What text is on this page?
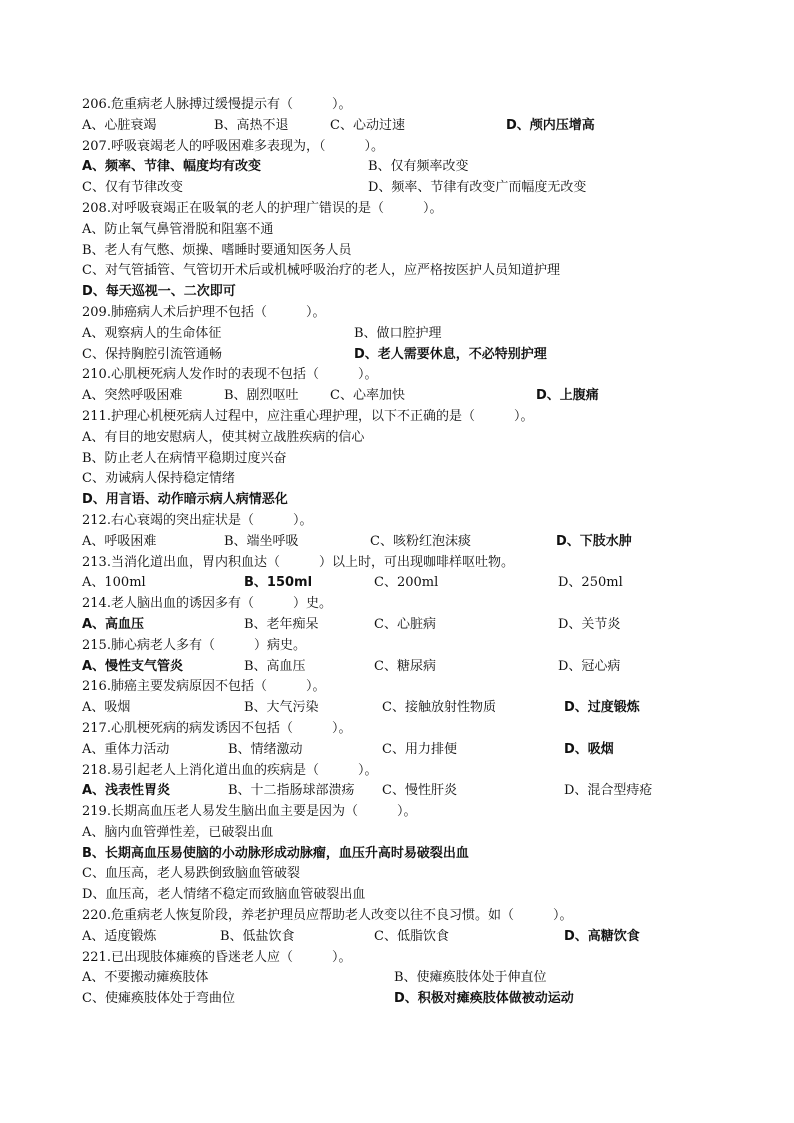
206.危重病老人脉搏过缓慢提示有（　　　）。
A、心脏衰竭	B、高热不退	C、心动过速	D、颅内压增高
207.呼吸衰竭老人的呼吸困难多表现为，（　　　）。
A、频率、节律、幅度均有改变	B、仅有频率改变
C、仅有节律改变	D、频率、节律有改变广而幅度无改变
208.对呼吸衰竭正在吸氧的老人的护理广错误的是（　　　）。
A、防止氧气鼻管滑脱和阻塞不通
B、老人有气憋、烦操、嗜睡时要通知医务人员
C、对气管插管、气管切开术后或机械呼吸治疗的老人，应严格按医护人员知道护理
D、每天巡视一、二次即可
209.肺癌病人术后护理不包括（　　　）。
A、观察病人的生命体征	B、做口腔护理
C、保持胸腔引流管通畅	D、老人需要休息，不必特别护理
210.心肌梗死病人发作时的表现不包括（　　　）。
A、突然呼吸困难	B、剧烈呕吐 C、心率加快	D、上腹痛
211.护理心机梗死病人过程中，应注重心理护理，以下不正确的是（　　　）。
A、有目的地安慰病人，使其树立战胜疾病的信心
B、防止老人在病情平稳期过度兴奋
C、劝诫病人保持稳定情绪
D、用言语、动作暗示病人病情恶化
212.右心衰竭的突出症状是（　　　）。
A、呼吸困难	B、端坐呼吸	C、咳粉红泡沫痰	D、下肢水肿
213.当消化道出血，胃内积血达（　　　）以上时，可出现咖啡样呕吐物。
A、100ml	B、150ml	C、200ml	D、250ml
214.老人脑出血的诱因多有（　　　）史。
A、高血压	B、老年痴呆	C、心脏病	D、关节炎
215.肺心病老人多有（　　　）病史。
A、慢性支气管炎	B、高血压	C、糖尿病	D、冠心病
216.肺癌主要发病原因不包括（　　　）。
A、吸烟	B、大气污染	C、接触放射性物质	D、过度锻炼
217.心肌梗死病的病发诱因不包括（　　　）。
A、重体力活动	B、情绪激动	C、用力排便	D、吸烟
218.易引起老人上消化道出血的疾病是（　　　）。
A、浅表性胃炎	B、十二指肠球部溃疡 C、慢性肝炎	D、混合型痔疮
219.长期高血压老人易发生脑出血主要是因为（　　　）。
A、脑内血管弹性差，已破裂出血
B、长期高血压易使脑的小动脉形成动脉瘤，血压升高时易破裂出血
C、血压高，老人易跌倒致脑血管破裂
D、血压高，老人情绪不稳定而致脑血管破裂出血
220.危重病老人恢复阶段，养老护理员应帮助老人改变以往不良习惯。如（　　　）。
A、适度锻炼	B、低盐饮食	C、低脂饮食	D、高糖饮食
221.已出现肢体瘫痪的昏迷老人应（　　　）。
A、不要搬动瘫痪肢体	B、使瘫痪肢体处于伸直位
C、使瘫痪肢体处于弯曲位	D、积极对瘫痪肢体做被动运动
